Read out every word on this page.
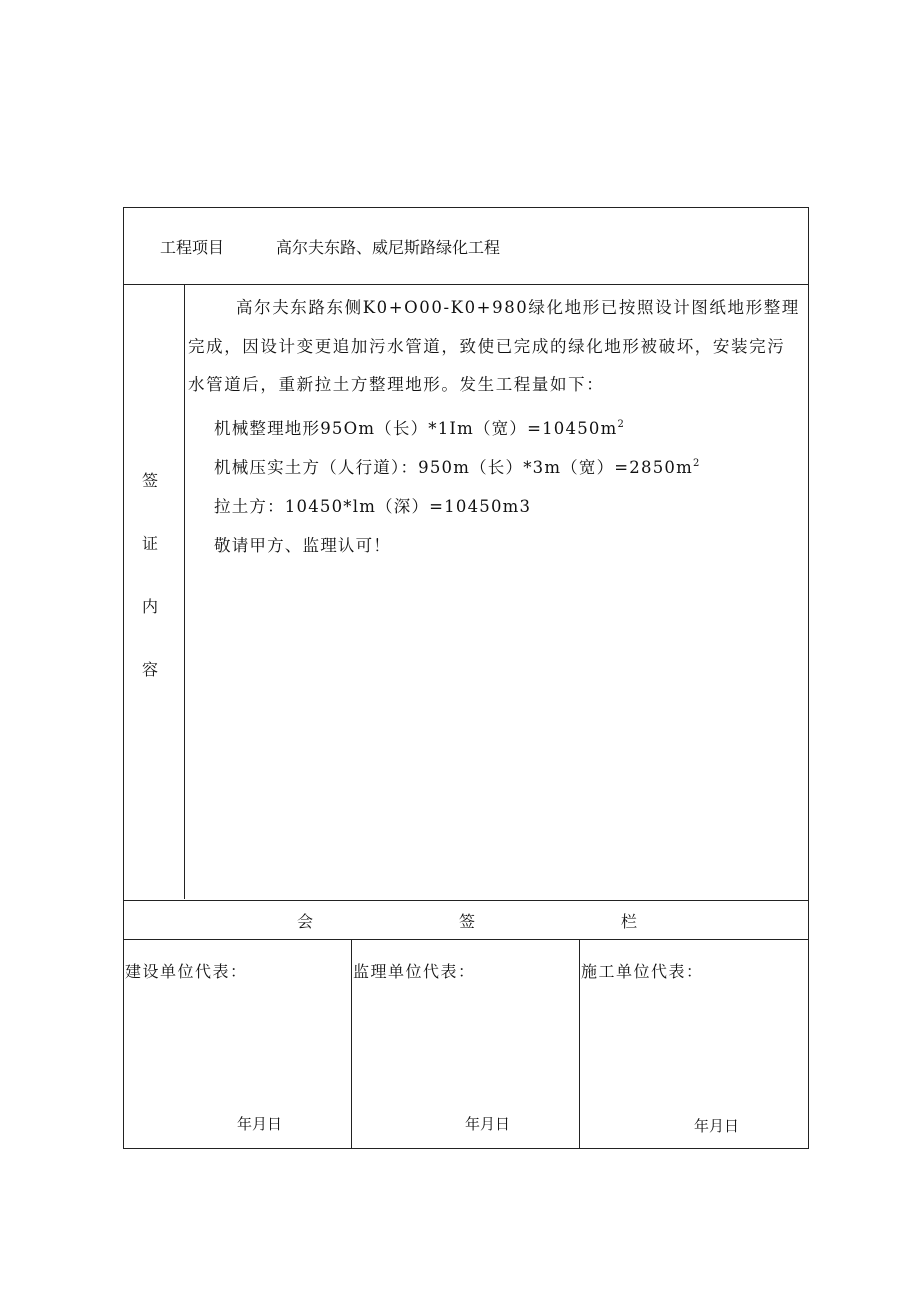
工程项目	高尔夫东路、威尼斯路绿化工程
签
证
内
容

高尔夫东路东侧K0+O00-K0+980绿化地形已按照设计图纸地形整理完成，因设计变更追加污水管道，致使已完成的绿化地形被破坏，安装完污水管道后，重新拉土方整理地形。发生工程量如下：

机械整理地形95Om（长）*1Im（宽）$=10450m^2$
机械压实土方（人行道）：950m（长）*3m（宽）$=2850m^2$
拉土方：10450*lm（深）=10450m3
敬请甲方、监理认可！
会	签	栏
建设单位代表：
年月日
监理单位代表：
年月日
施工单位代表：
年月日
